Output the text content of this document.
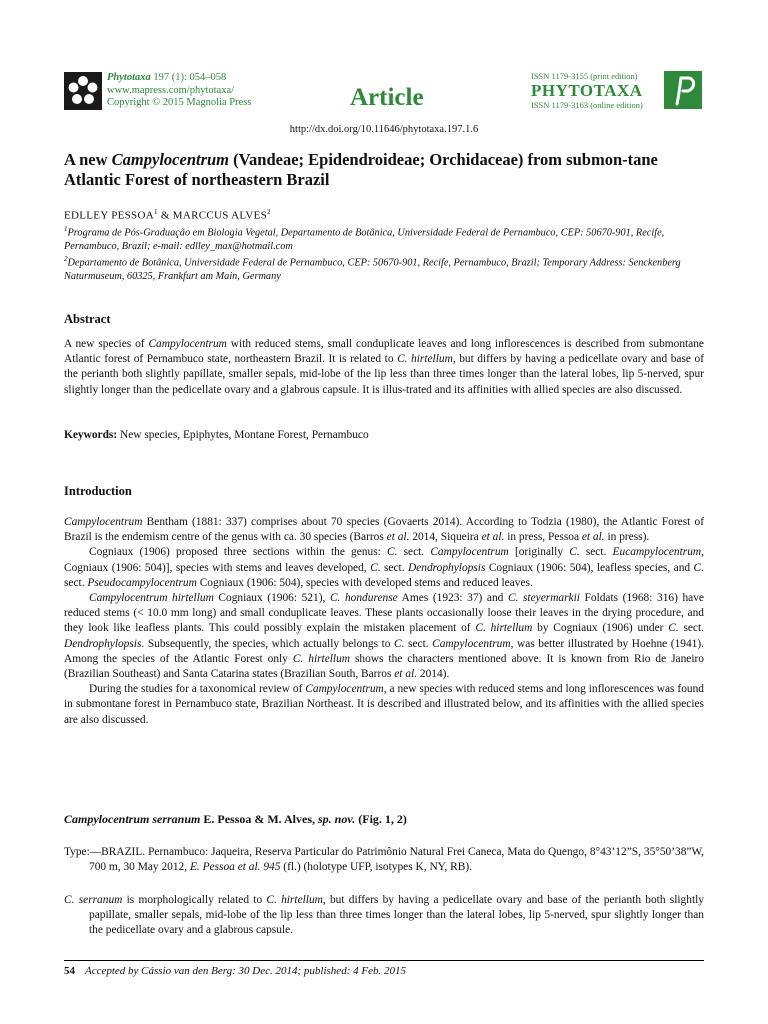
Phytotaxa 197 (1): 054–058
www.mapress.com/phytotaxa/
Copyright © 2015 Magnolia Press	Article
ISSN 1179-3155 (print edition)
PHYTOTAXA
ISSN 1179-3163 (online edition)
http://dx.doi.org/10.11646/phytotaxa.197.1.6
A new Campylocentrum (Vandeae; Epidendroideae; Orchidaceae) from submon-tane Atlantic Forest of northeastern Brazil
EDLLEY PESSOA$^1$ & MARCCUS ALVES$^2$
$^1$Programa de Pós-Graduação em Biologia Vegetal, Departamento de Botânica, Universidade Federal de Pernambuco, CEP: 50670-901, Recife, Pernambuco, Brazil; e-mail: edlley_max@hotmail.com
$^2$Departamento de Botânica, Universidade Federal de Pernambuco, CEP: 50670-901, Recife, Pernambuco, Brazil; Temporary Address: Senckenberg Naturmuseum, 60325, Frankfurt am Main, Germany
Abstract

A new species of Campylocentrum with reduced stems, small conduplicate leaves and long inflorescences is described from submontane Atlantic forest of Pernambuco state, northeastern Brazil. It is related to C. hirtellum, but differs by having a pedicellate ovary and base of the perianth both slightly papillate, smaller sepals, mid-lobe of the lip less than three times longer than the lateral lobes, lip 5-nerved, spur slightly longer than the pedicellate ovary and a glabrous capsule. It is illus-trated and its affinities with allied species are also discussed.

Keywords: New species, Epiphytes, Montane Forest, Pernambuco

Introduction

Campylocentrum Bentham (1881: 337) comprises about 70 species (Govaerts 2014). According to Todzia (1980), the Atlantic Forest of Brazil is the endemism centre of the genus with ca. 30 species (Barros et al. 2014, Siqueira et al. in press, Pessoa et al. in press).

Cogniaux (1906) proposed three sections within the genus: C. sect. Campylocentrum [originally C. sect. Eucampylocentrum, Cogniaux (1906: 504)], species with stems and leaves developed, C. sect. Dendrophylopsis Cogniaux (1906: 504), leafless species, and C. sect. Pseudocampylocentrum Cogniaux (1906: 504), species with developed stems and reduced leaves.

Campylocentrum hirtellum Cogniaux (1906: 521), C. hondurense Ames (1923: 37) and C. steyermarkii Foldats (1968: 316) have reduced stems (< 10.0 mm long) and small conduplicate leaves. These plants occasionally loose their leaves in the drying procedure, and they look like leafless plants. This could possibly explain the mistaken placement of C. hirtellum by Cogniaux (1906) under C. sect. Dendrophylopsis. Subsequently, the species, which actually belongs to C. sect. Campylocentrum, was better illustrated by Hoehne (1941). Among the species of the Atlantic Forest only C. hirtellum shows the characters mentioned above. It is known from Rio de Janeiro (Brazilian Southeast) and Santa Catarina states (Brazilian South, Barros et al. 2014).

During the studies for a taxonomical review of Campylocentrum, a new species with reduced stems and long inflorescences was found in submontane forest in Pernambuco state, Brazilian Northeast. It is described and illustrated below, and its affinities with the allied species are also discussed.

Campylocentrum serranum E. Pessoa & M. Alves, sp. nov. (Fig. 1, 2)

Type:—BRAZIL. Pernambuco: Jaqueira, Reserva Particular do Patrimônio Natural Frei Caneca, Mata do Quengo, 8°43’12”S, 35°50’38”W, 700 m, 30 May 2012, E. Pessoa et al. 945 (fl.) (holotype UFP, isotypes K, NY, RB).

C. serranum is morphologically related to C. hirtellum, but differs by having a pedicellate ovary and base of the perianth both slightly papillate, smaller sepals, mid-lobe of the lip less than three times longer than the lateral lobes, lip 5-nerved, spur slightly longer than the pedicellate ovary and a glabrous capsule.

54 Accepted by Cássio van den Berg: 30 Dec. 2014; published: 4 Feb. 2015
